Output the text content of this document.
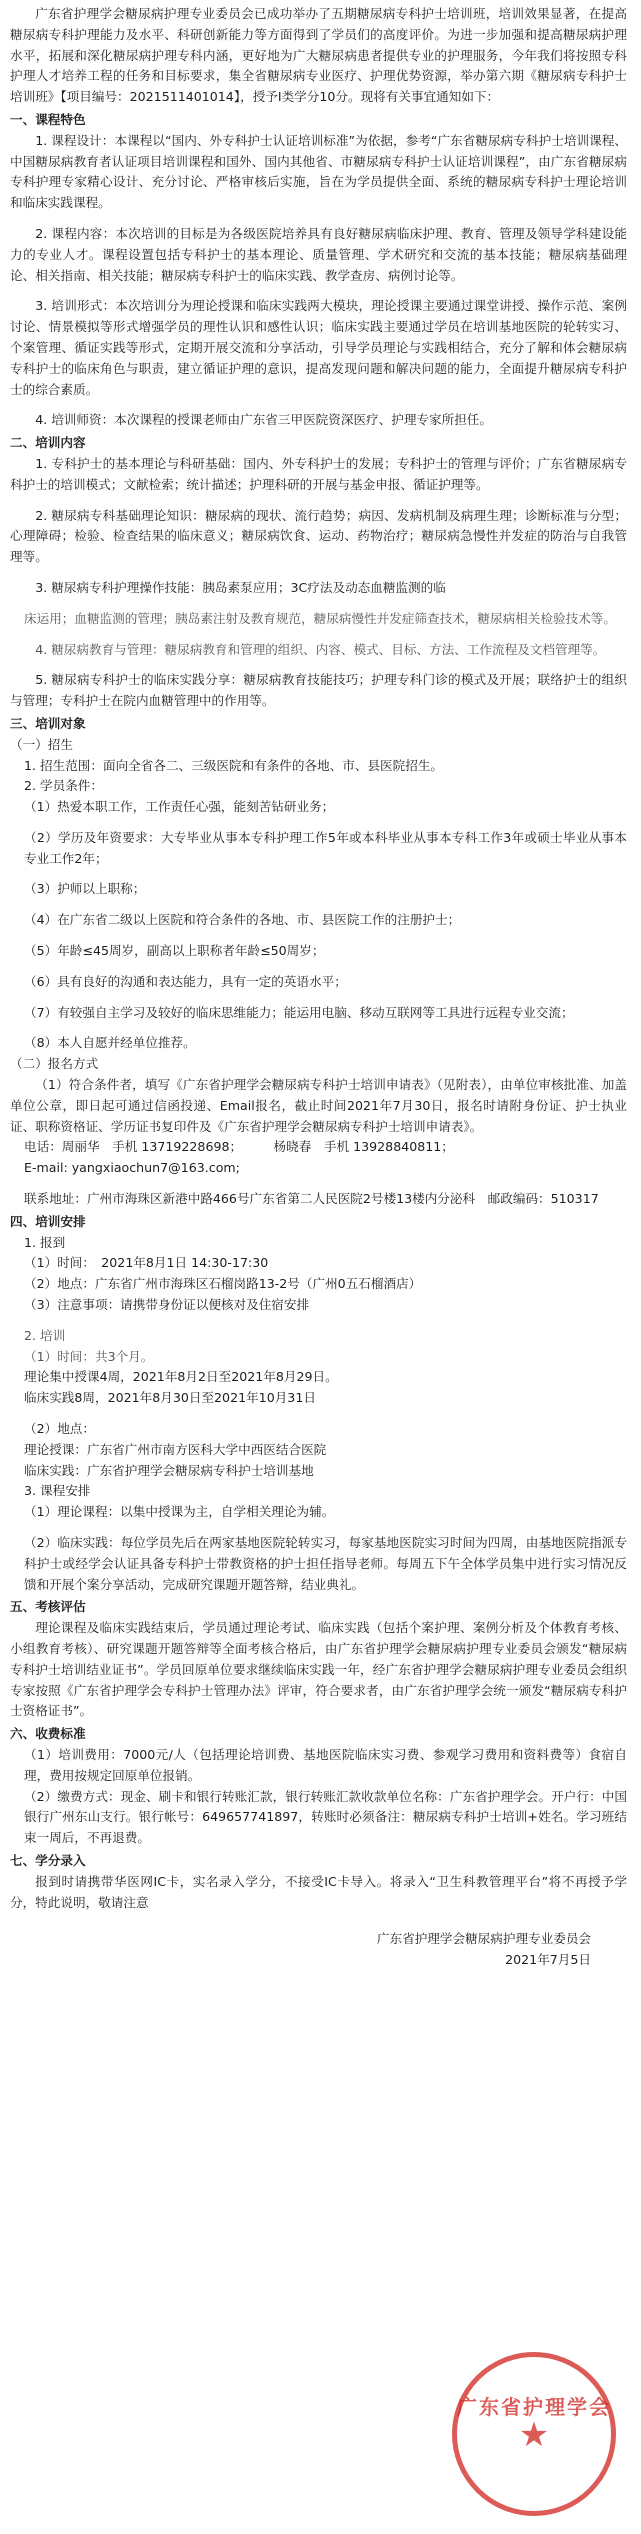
广东省护理学会糖尿病护理专业委员会已成功举办了五期糖尿病专科护士培训班，培训效果显著，在提高糖尿病专科护理能力及水平、科研创新能力等方面得到了学员们的高度评价。为进一步加强和提高糖尿病护理水平，拓展和深化糖尿病护理专科内涵，更好地为广大糖尿病患者提供专业的护理服务，今年我们将按照专科护理人才培养工程的任务和目标要求，集全省糖尿病专业医疗、护理优势资源，举办第六期《糖尿病专科护士培训班》【项目编号：2021511401014】，授予Ⅰ类学分10分。现将有关事宜通知如下：

一、课程特色

1. 课程设计：本课程以“国内、外专科护士认证培训标准”为依据，参考“广东省糖尿病专科护士培训课程、中国糖尿病教育者认证项目培训课程和国外、国内其他省、市糖尿病专科护士认证培训课程”，由广东省糖尿病专科护理专家精心设计、充分讨论、严格审核后实施，旨在为学员提供全面、系统的糖尿病专科护士理论培训和临床实践课程。

2. 课程内容：本次培训的目标是为各级医院培养具有良好糖尿病临床护理、教育、管理及领导学科建设能力的专业人才。课程设置包括专科护士的基本理论、质量管理、学术研究和交流的基本技能；糖尿病基础理论、相关指南、相关技能；糖尿病专科护士的临床实践、教学查房、病例讨论等。

3. 培训形式：本次培训分为理论授课和临床实践两大模块，理论授课主要通过课堂讲授、操作示范、案例讨论、情景模拟等形式增强学员的理性认识和感性认识；临床实践主要通过学员在培训基地医院的轮转实习、个案管理、循证实践等形式，定期开展交流和分享活动，引导学员理论与实践相结合，充分了解和体会糖尿病专科护士的临床角色与职责，建立循证护理的意识，提高发现问题和解决问题的能力，全面提升糖尿病专科护士的综合素质。

4. 培训师资：本次课程的授课老师由广东省三甲医院资深医疗、护理专家所担任。

二、培训内容

1. 专科护士的基本理论与科研基础：国内、外专科护士的发展；专科护士的管理与评价；广东省糖尿病专科护士的培训模式；文献检索；统计描述；护理科研的开展与基金申报、循证护理等。

2. 糖尿病专科基础理论知识：糖尿病的现状、流行趋势；病因、发病机制及病理生理；诊断标准与分型；心理障碍；检验、检查结果的临床意义；糖尿病饮食、运动、药物治疗；糖尿病急慢性并发症的防治与自我管理等。

3. 糖尿病专科护理操作技能：胰岛素泵应用；3C疗法及动态血糖监测的临

床运用；血糖监测的管理；胰岛素注射及教育规范，糖尿病慢性并发症筛查技术，糖尿病相关检验技术等。

4. 糖尿病教育与管理：糖尿病教育和管理的组织、内容、模式、目标、方法、工作流程及文档管理等。

5. 糖尿病专科护士的临床实践分享：糖尿病教育技能技巧；护理专科门诊的模式及开展；联络护士的组织与管理；专科护士在院内血糖管理中的作用等。

三、培训对象

（一）招生

1. 招生范围：面向全省各二、三级医院和有条件的各地、市、县医院招生。

2. 学员条件：

（1）热爱本职工作，工作责任心强，能刻苦钻研业务；

（2）学历及年资要求：大专毕业从事本专科护理工作5年或本科毕业从事本专科工作3年或硕士毕业从事本专业工作2年；

（3）护师以上职称；

（4）在广东省二级以上医院和符合条件的各地、市、县医院工作的注册护士；

（5）年龄≤45周岁，副高以上职称者年龄≤50周岁；

（6）具有良好的沟通和表达能力，具有一定的英语水平；

（7）有较强自主学习及较好的临床思维能力；能运用电脑、移动互联网等工具进行远程专业交流；

（8）本人自愿并经单位推荐。

（二）报名方式

（1）符合条件者，填写《广东省护理学会糖尿病专科护士培训申请表》（见附表），由单位审核批准、加盖单位公章，即日起可通过信函投递、Email报名，截止时间2021年7月30日，报名时请附身份证、护士执业证、职称资格证、学历证书复印件及《广东省护理学会糖尿病专科护士培训申请表》。

电话：周丽华　手机 13719228698；　　　杨晓春　手机 13928840811；

E-mail: yangxiaochun7@163.com;

联系地址：广州市海珠区新港中路466号广东省第二人民医院2号楼13楼内分泌科　邮政编码：510317

四、培训安排

1. 报到

（1）时间：　2021年8月1日 14:30-17:30

（2）地点：广东省广州市海珠区石榴岗路13-2号（广州0五石榴酒店）

（3）注意事项：请携带身份证以便核对及住宿安排

2. 培训

（1）时间：共3个月。

理论集中授课4周，2021年8月2日至2021年8月29日。

临床实践8周，2021年8月30日至2021年10月31日

（2）地点：

理论授课：广东省广州市南方医科大学中西医结合医院

临床实践：广东省护理学会糖尿病专科护士培训基地

3. 课程安排

（1）理论课程：以集中授课为主，自学相关理论为辅。

（2）临床实践：每位学员先后在两家基地医院轮转实习，每家基地医院实习时间为四周，由基地医院指派专科护士或经学会认证具备专科护士带教资格的护士担任指导老师。每周五下午全体学员集中进行实习情况反馈和开展个案分享活动，完成研究课题开题答辩，结业典礼。

五、考核评估

理论课程及临床实践结束后，学员通过理论考试、临床实践（包括个案护理、案例分析及个体教育考核、小组教育考核）、研究课题开题答辩等全面考核合格后，由广东省护理学会糖尿病护理专业委员会颁发“糖尿病专科护士培训结业证书”。学员回原单位要求继续临床实践一年，经广东省护理学会糖尿病护理专业委员会组织专家按照《广东省护理学会专科护士管理办法》评审，符合要求者，由广东省护理学会统一颁发“糖尿病专科护士资格证书”。

六、收费标准

（1）培训费用：7000元/人（包括理论培训费、基地医院临床实习费、参观学习费用和资料费等）食宿自理，费用按规定回原单位报销。

（2）缴费方式：现金、刷卡和银行转账汇款，银行转账汇款收款单位名称：广东省护理学会。开户行：中国银行广州东山支行。银行帐号：649657741897，转账时必须备注：糖尿病专科护士培训+姓名。学习班结束一周后，不再退费。

七、学分录入

报到时请携带华医网IC卡，实名录入学分，不接受IC卡导入。将录入“卫生科教管理平台”将不再授予学分，特此说明，敬请注意

广东省护理学会糖尿病护理专业委员会

2021年7月5日

广东省护理学会
★
